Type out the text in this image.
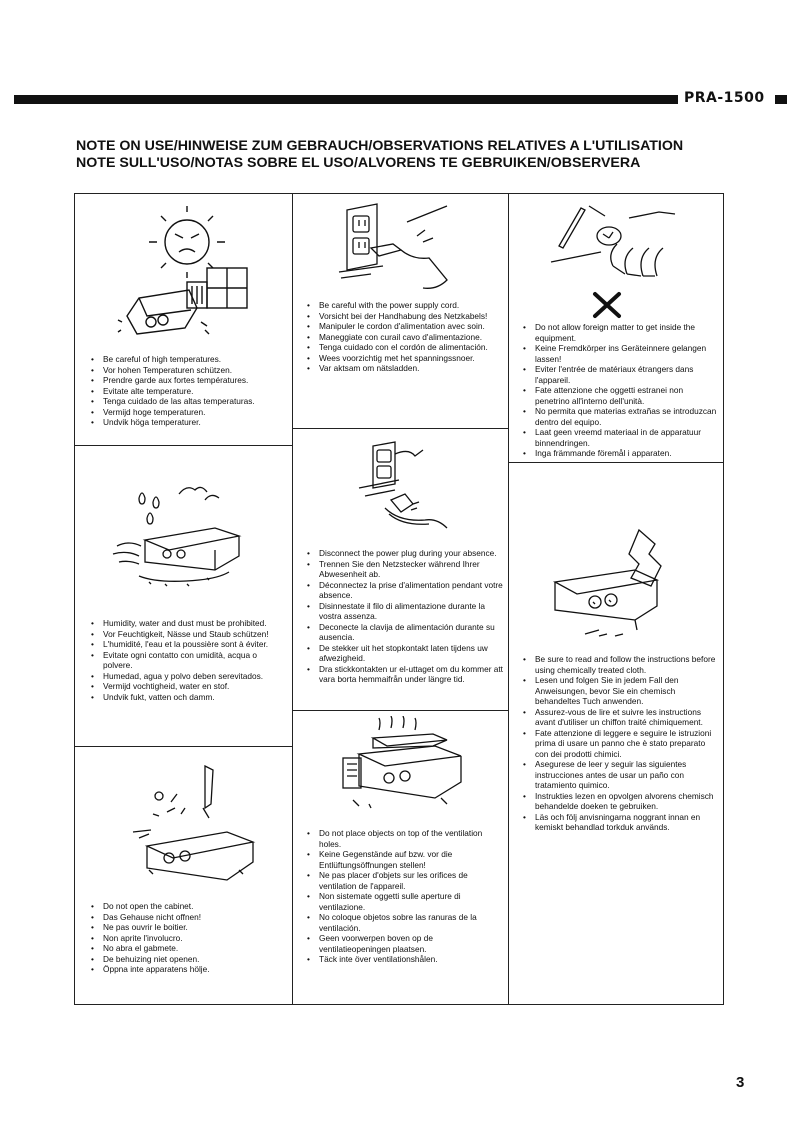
PRA-1500
NOTE ON USE/HINWEISE ZUM GEBRAUCH/OBSERVATIONS RELATIVES A L'UTILISATION
NOTE SULL'USO/NOTAS SOBRE EL USO/ALVORENS TE GEBRUIKEN/OBSERVERA
• Be careful of high temperatures.
• Vor hohen Temperaturen schützen.
• Prendre garde aux fortes températures.
• Evitate alte temperature.
• Tenga cuidado de las altas temperaturas.
• Vermijd hoge temperaturen.
• Undvik höga temperaturer.
• Humidity, water and dust must be prohibited.
• Vor Feuchtigkeit, Nässe und Staub schützen!
• L'humidité, l'eau et la poussière sont à éviter.
• Evitate ogni contatto con umidità, acqua o polvere.
• Humedad, agua y polvo deben serevitados.
• Vermijd vochtigheid, water en stof.
• Undvik fukt, vatten och damm.
• Do not open the cabinet.
• Das Gehause nicht offnen!
• Ne pas ouvrir le boitier.
• Non aprite l'involucro.
• No abra el gabmete.
• De behuizing niet openen.
• Öppna inte apparatens hölje.
• Be careful with the power supply cord.
• Vorsicht bei der Handhabung des Netzkabels!
• Manipuler le cordon d'alimentation avec soin.
• Maneggiate con curail cavo d'alimentazione.
• Tenga cuidado con el cordón de alimentación.
• Wees voorzichtig met het spanningssnoer.
• Var aktsam om nätsladden.
• Disconnect the power plug during your absence.
• Trennen Sie den Netzstecker während Ihrer Abwesenheit ab.
• Déconnectez la prise d'alimentation pendant votre absence.
• Disinnestate il filo di alimentazione durante la vostra assenza.
• Deconecte la clavija de alimentación durante su ausencia.
• De stekker uit het stopkontakt laten tijdens uw afwezigheid.
• Dra stickkontakten ur el-uttaget om du kommer att vara borta hemmaifrån under längre tid.
• Do not place objects on top of the ventilation holes.
• Keine Gegenstände auf bzw. vor die Entlüftungsöffnungen stellen!
• Ne pas placer d'objets sur les orifices de ventilation de l'appareil.
• Non sistemate oggetti sulle aperture di ventilazione.
• No coloque objetos sobre las ranuras de la ventilación.
• Geen voorwerpen boven op de ventilatieopeningen plaatsen.
• Täck inte över ventilationshålen.
• Do not allow foreign matter to get inside the equipment.
• Keine Fremdkörper ins Geräteinnere gelangen lassen!
• Eviter l'entrée de matériaux étrangers dans l'appareil.
• Fate attenzione che oggetti estranei non penetrino all'interno dell'unità.
• No permita que materias extrañas se introduzcan dentro del equipo.
• Laat geen vreemd materiaal in de apparatuur binnendringen.
• Inga främmande föremål i apparaten.
• Be sure to read and follow the instructions before using chemically treated cloth.
• Lesen und folgen Sie in jedem Fall den Anweisungen, bevor Sie ein chemisch behandeltes Tuch anwenden.
• Assurez-vous de lire et suivre les instructions avant d'utiliser un chiffon traité chimiquement.
• Fate attenzione di leggere e seguire le istruzioni prima di usare un panno che è stato preparato con dei prodotti chimici.
• Asegurese de leer y seguir las siguientes instrucciones antes de usar un paño con tratamiento quimico.
• Instrukties lezen en opvolgen alvorens chemisch behandelde doeken te gebruiken.
• Läs och följ anvisningarna noggrant innan en kemiskt behandlad torkduk används.
3
